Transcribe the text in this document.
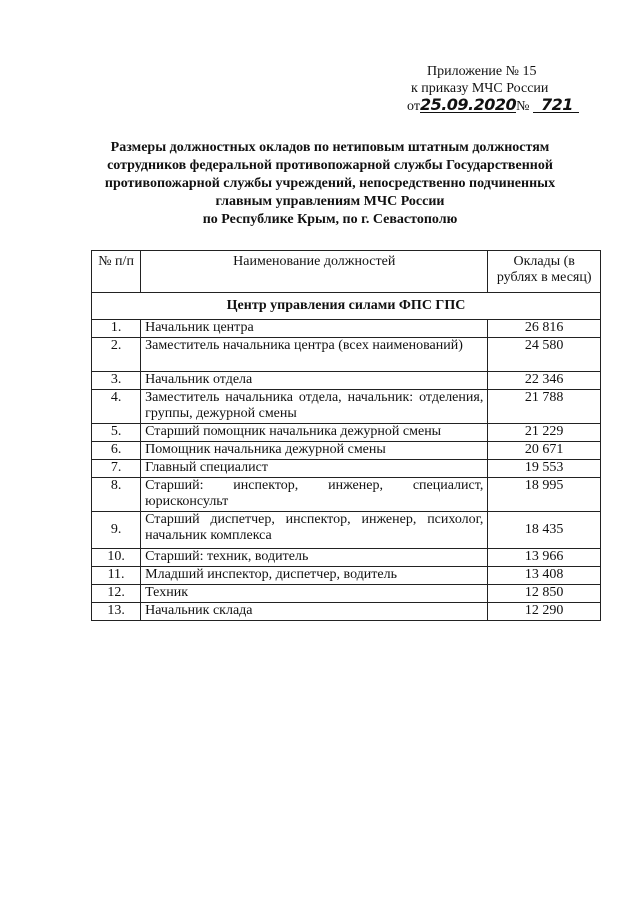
Приложение № 15
к приказу МЧС России
от25.09.2020№ 721
Размеры должностных окладов по нетиповым штатным должностям
сотрудников федеральной противопожарной службы Государственной
противопожарной службы учреждений, непосредственно подчиненных
главным управлениям МЧС России
по Республике Крым, по г. Севастополю
№ п/п	Наименование должностей	Оклады (в рублях в месяц)
Центр управления силами ФПС ГПС		
1.	Начальник центра	26 816
2.	Заместитель начальника центра (всех наименований)	24 580
3.	Начальник отдела	22 346
4.	Заместитель начальника отдела, начальник: отделения, группы, дежурной смены	21 788
5.	Старший помощник начальника дежурной смены	21 229
6.	Помощник начальника дежурной смены	20 671
7.	Главный специалист	19 553
8.	Старший: инспектор, инженер, специалист, юрисконсульт	18 995
9.	Старший диспетчер, инспектор, инженер, психолог, начальник комплекса	18 435
10.	Старший: техник, водитель	13 966
11.	Младший инспектор, диспетчер, водитель	13 408
12.	Техник	12 850
13.	Начальник склада	12 290
